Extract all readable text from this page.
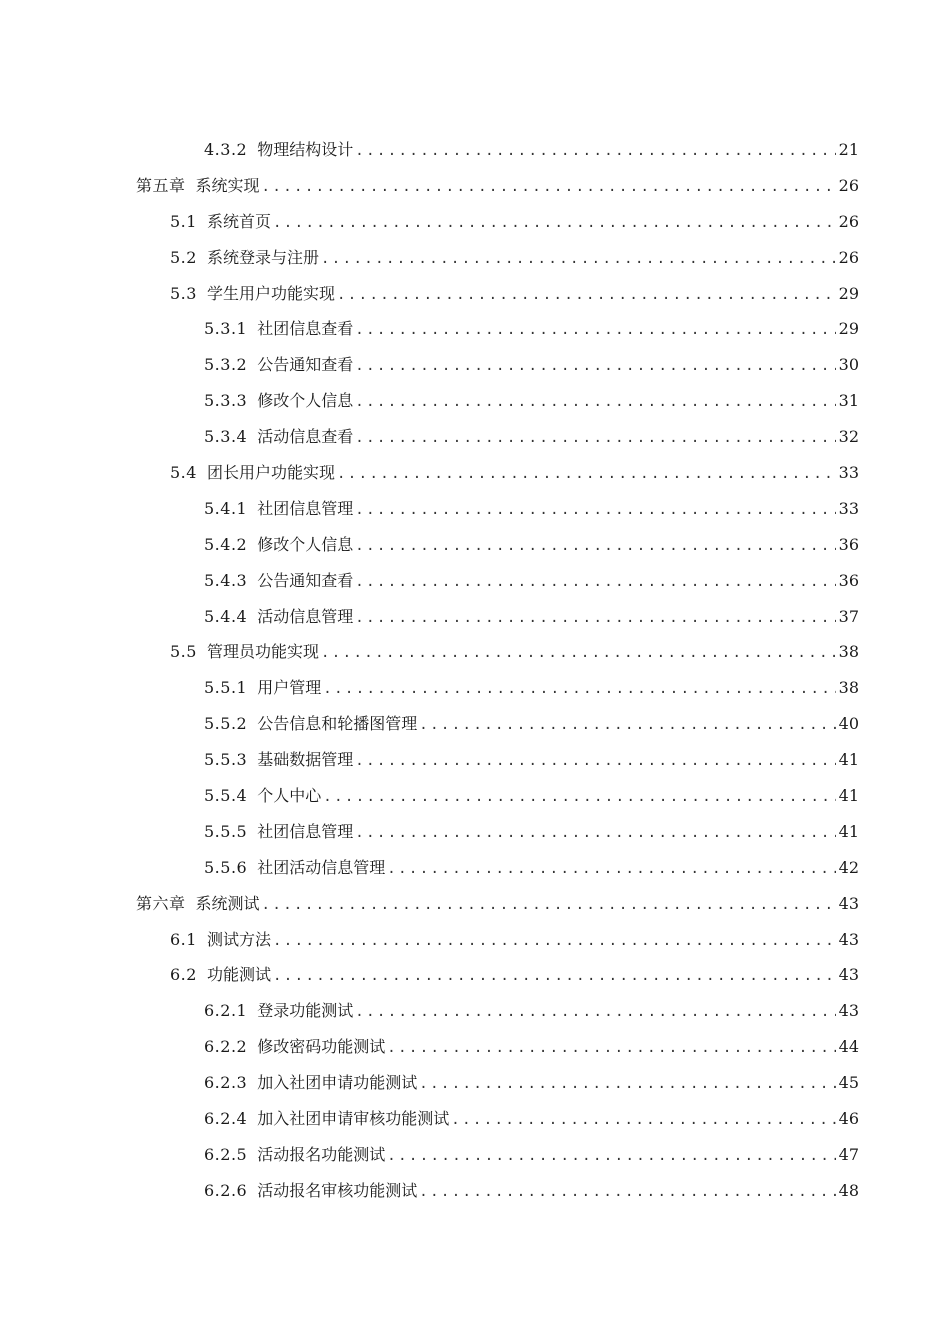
4.3.2 物理结构设计 .....	21
第五章 系统实现 .....	26
5.1 系统首页 .....	26
5.2 系统登录与注册 .....	26
5.3 学生用户功能实现 .....	29
5.3.1 社团信息查看 .....	29
5.3.2 公告通知查看 .....	30
5.3.3 修改个人信息 .....	31
5.3.4 活动信息查看 .....	32
5.4 团长用户功能实现 .....	33
5.4.1 社团信息管理 .....	33
5.4.2 修改个人信息 .....	36
5.4.3 公告通知查看 .....	36
5.4.4 活动信息管理 .....	37
5.5 管理员功能实现 .....	38
5.5.1 用户管理 .....	38
5.5.2 公告信息和轮播图管理 .....	40
5.5.3 基础数据管理 .....	41
5.5.4 个人中心 .....	41
5.5.5 社团信息管理 .....	41
5.5.6 社团活动信息管理 .....	42
第六章 系统测试 .....	43
6.1 测试方法 .....	43
6.2 功能测试 .....	43
6.2.1 登录功能测试 .....	43
6.2.2 修改密码功能测试 .....	44
6.2.3 加入社团申请功能测试 .....	45
6.2.4 加入社团申请审核功能测试 .....	46
6.2.5 活动报名功能测试 .....	47
6.2.6 活动报名审核功能测试 .....	48
